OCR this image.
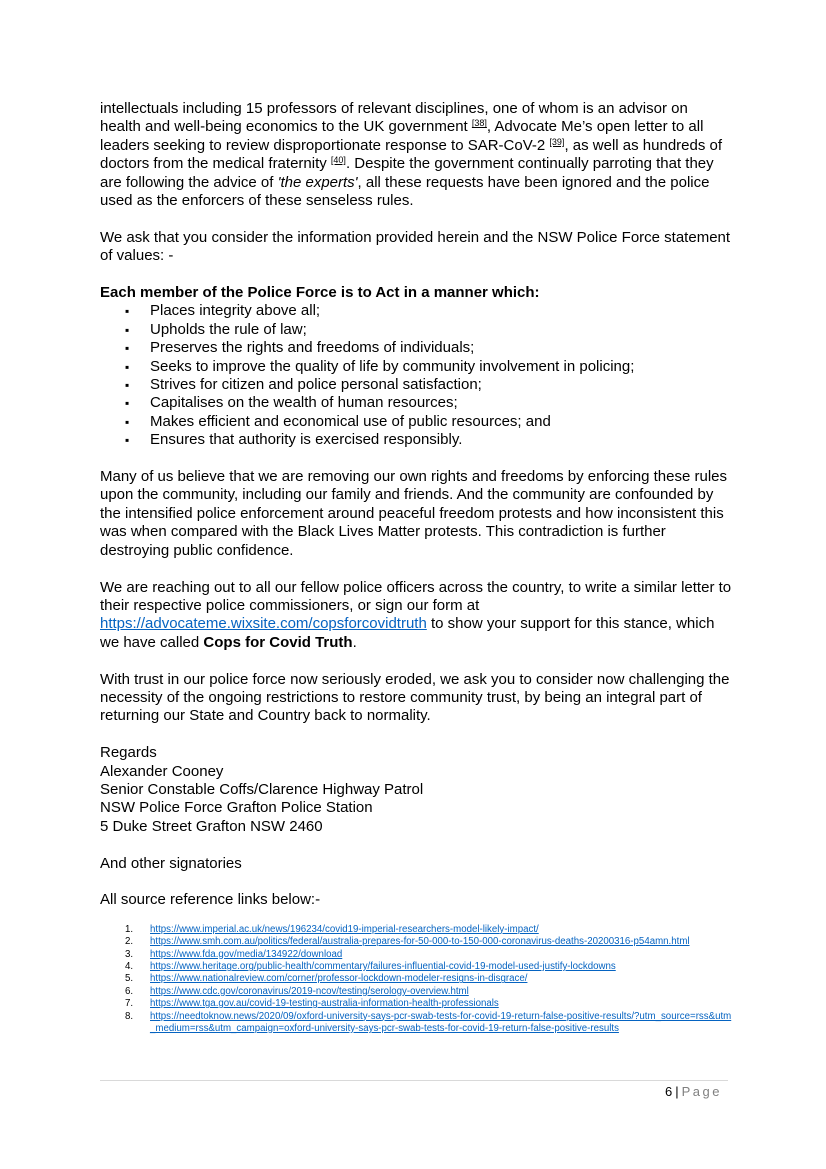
intellectuals including 15 professors of relevant disciplines, one of whom is an advisor on health and well-being economics to the UK government [38], Advocate Me’s open letter to all leaders seeking to review disproportionate response to SAR-CoV-2 [39], as well as hundreds of doctors from the medical fraternity [40]. Despite the government continually parroting that they are following the advice of 'the experts', all these requests have been ignored and the police used as the enforcers of these senseless rules.

We ask that you consider the information provided herein and the NSW Police Force statement of values: -

Each member of the Police Force is to Act in a manner which:

▪ Places integrity above all;
▪ Upholds the rule of law;
▪ Preserves the rights and freedoms of individuals;
▪ Seeks to improve the quality of life by community involvement in policing;
▪ Strives for citizen and police personal satisfaction;
▪ Capitalises on the wealth of human resources;
▪ Makes efficient and economical use of public resources; and
▪ Ensures that authority is exercised responsibly.

Many of us believe that we are removing our own rights and freedoms by enforcing these rules upon the community, including our family and friends. And the community are confounded by the intensified police enforcement around peaceful freedom protests and how inconsistent this was when compared with the Black Lives Matter protests. This contradiction is further destroying public confidence.

We are reaching out to all our fellow police officers across the country, to write a similar letter to their respective police commissioners, or sign our form at https://advocateme.wixsite.com/copsforcovidtruth to show your support for this stance, which we have called Cops for Covid Truth.

With trust in our police force now seriously eroded, we ask you to consider now challenging the necessity of the ongoing restrictions to restore community trust, by being an integral part of returning our State and Country back to normality.

Regards

Alexander Cooney

Senior Constable Coffs/Clarence Highway Patrol

NSW Police Force Grafton Police Station

5 Duke Street Grafton NSW 2460

And other signatories

All source reference links below:-

1. https://www.imperial.ac.uk/news/196234/covid19-imperial-researchers-model-likely-impact/
2. https://www.smh.com.au/politics/federal/australia-prepares-for-50-000-to-150-000-coronavirus-deaths-20200316-p54amn.html
3. https://www.fda.gov/media/134922/download
4. https://www.heritage.org/public-health/commentary/failures-influential-covid-19-model-used-justify-lockdowns
5. https://www.nationalreview.com/corner/professor-lockdown-modeler-resigns-in-disgrace/
6. https://www.cdc.gov/coronavirus/2019-ncov/testing/serology-overview.html
7. https://www.tga.gov.au/covid-19-testing-australia-information-health-professionals
8. https://needtoknow.news/2020/09/oxford-university-says-pcr-swab-tests-for-covid-19-return-false-positive-results/?utm_source=rss&utm_medium=rss&utm_campaign=oxford-university-says-pcr-swab-tests-for-covid-19-return-false-positive-results
6 | Page
